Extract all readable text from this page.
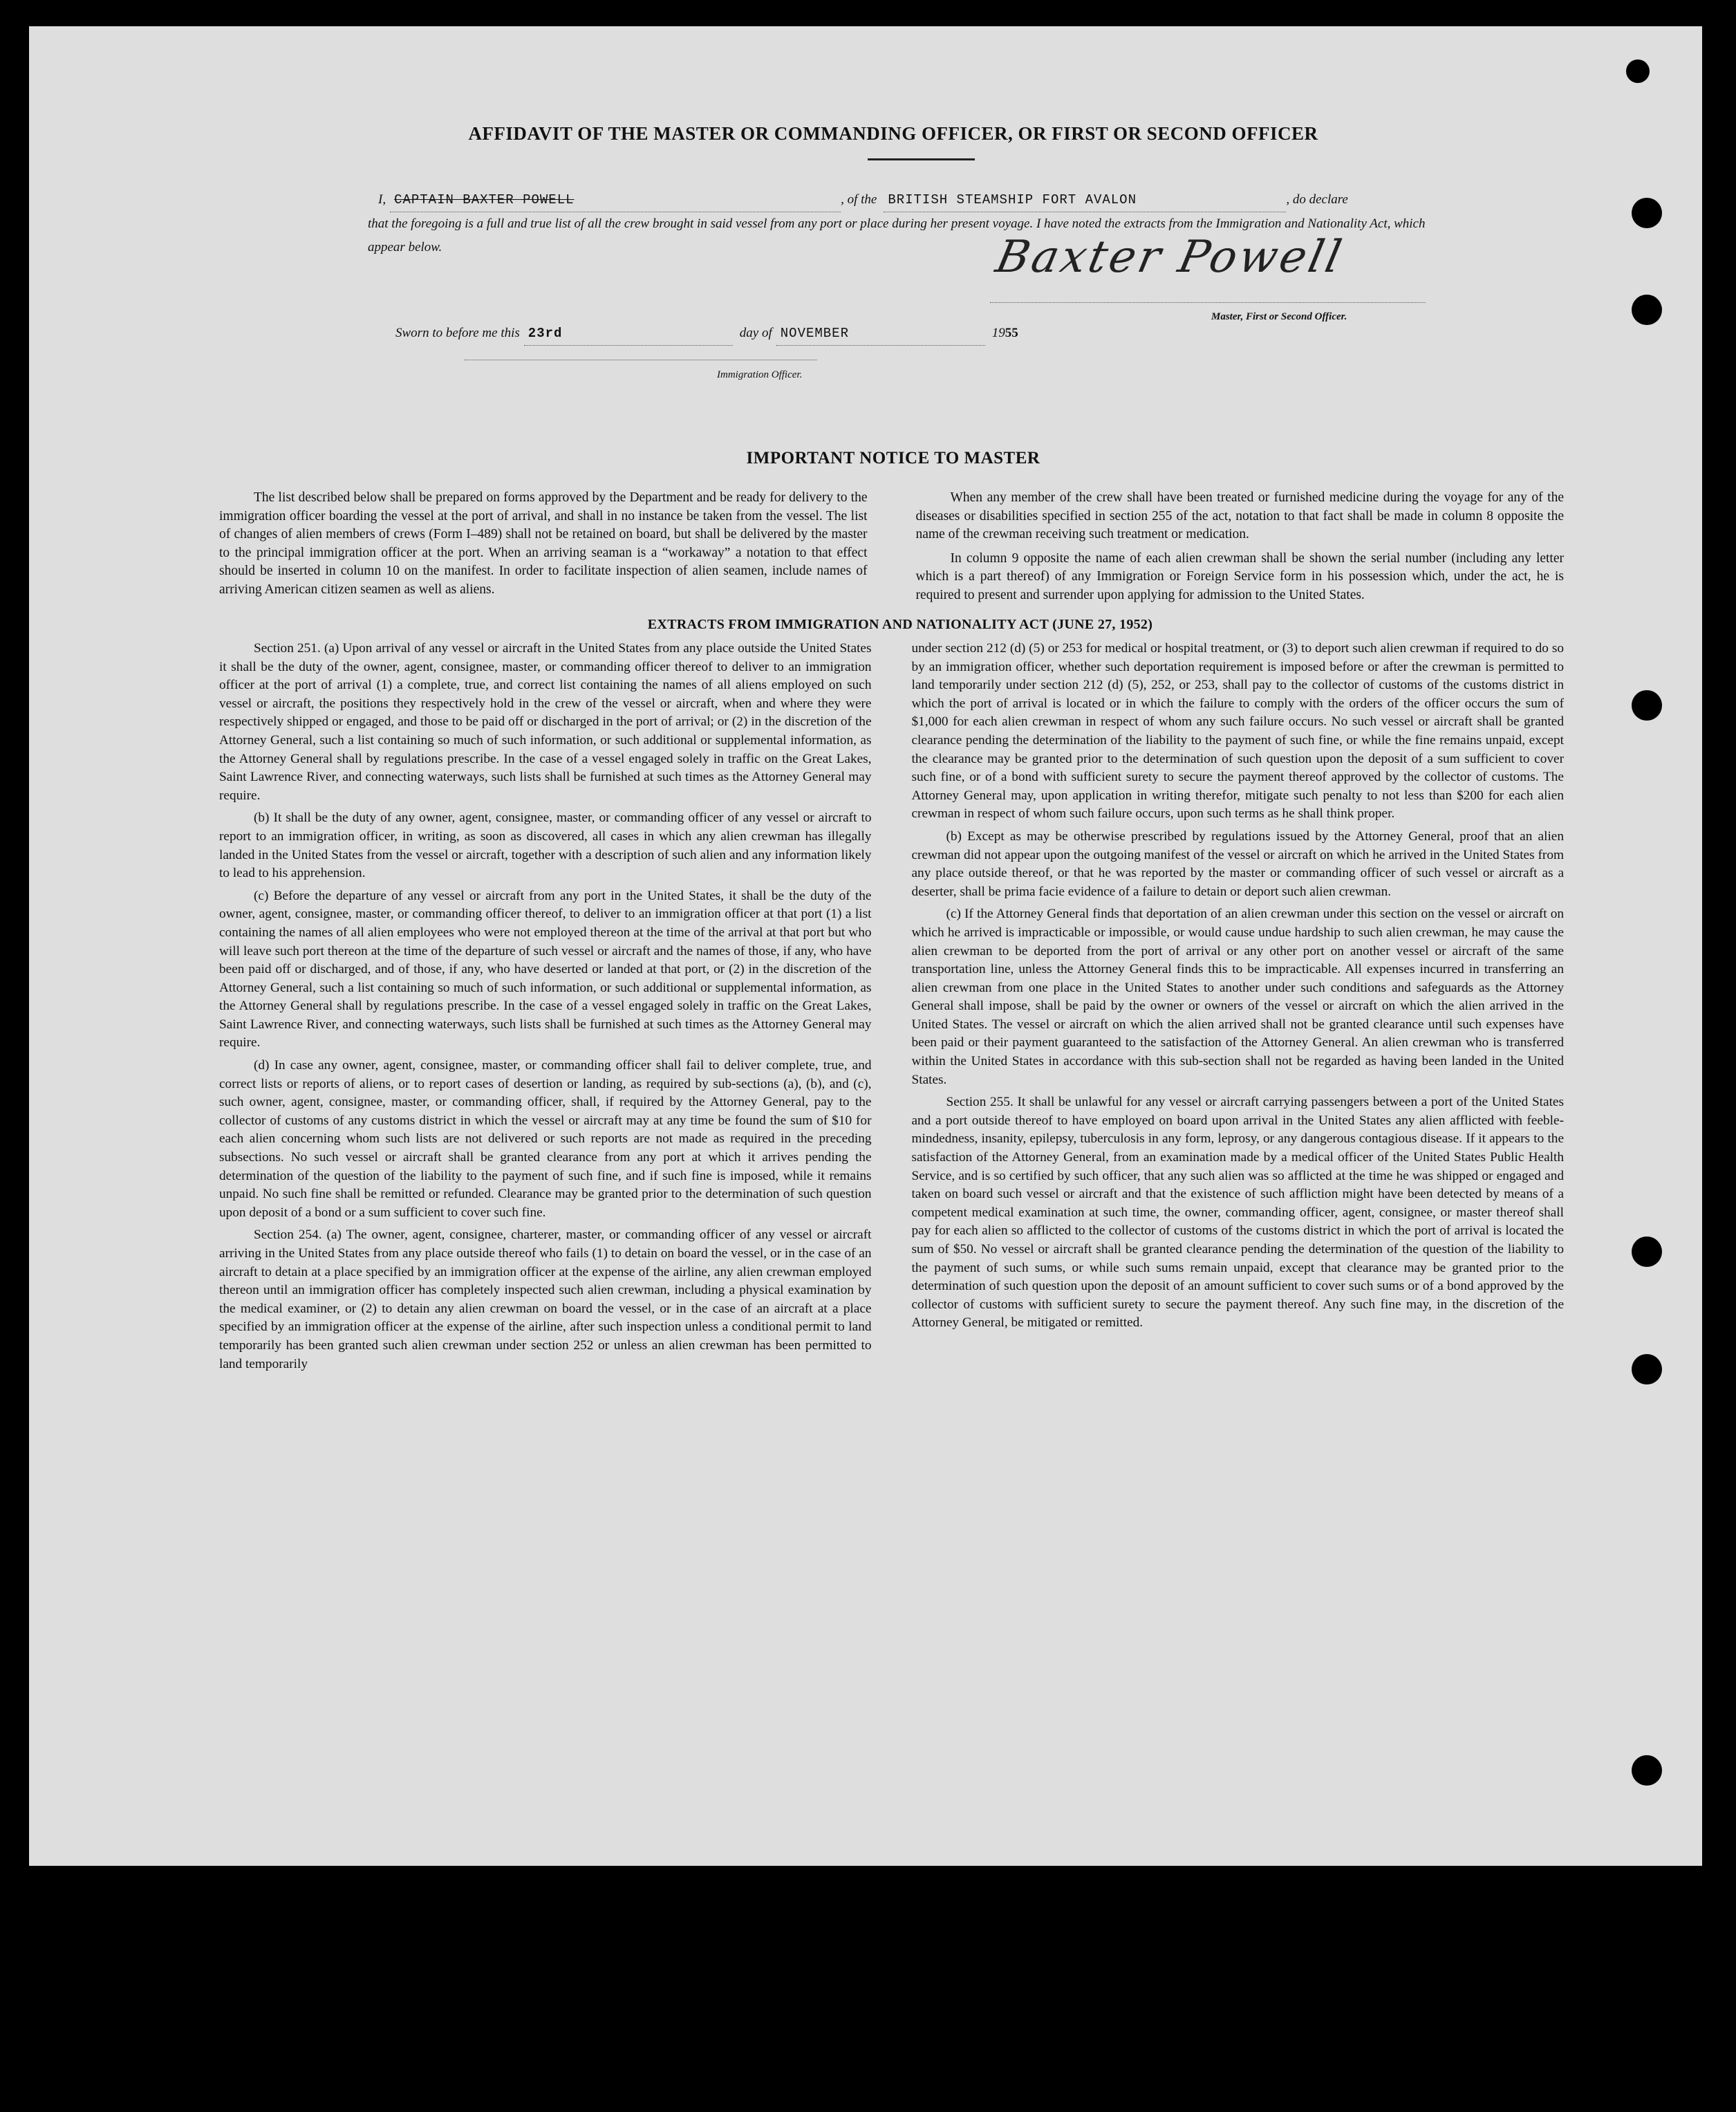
AFFIDAVIT OF THE MASTER OR COMMANDING OFFICER, OR FIRST OR SECOND OFFICER
I, CAPTAIN BAXTER POWELL	, of the BRITISH STEAMSHIP FORT AVALON	, do declare
that the foregoing is a full and true list of all the crew brought in said vessel from any port or place during her present voyage. I have noted the extracts from the Immigration and Nationality Act, which appear below.	Baxter Powell
Master, First or Second Officer.
Sworn to before me this 23rd	day of NOVEMBER	19 55
Immigration Officer.
IMPORTANT NOTICE TO MASTER

The list described below shall be prepared on forms approved by the Department and be ready for delivery to the immigration officer boarding the vessel at the port of arrival, and shall in no instance be taken from the vessel. The list of changes of alien members of crews (Form I–489) shall not be retained on board, but shall be delivered by the master to the principal immigration officer at the port. When an arriving seaman is a “workaway” a notation to that effect should be inserted in column 10 on the manifest. In order to facilitate inspection of alien seamen, include names of arriving American citizen seamen as well as aliens.

When any member of the crew shall have been treated or furnished medicine during the voyage for any of the diseases or disabilities specified in section 255 of the act, notation to that fact shall be made in column 8 opposite the name of the crewman receiving such treatment or medication.

In column 9 opposite the name of each alien crewman shall be shown the serial number (including any letter which is a part thereof) of any Immigration or Foreign Service form in his possession which, under the act, he is required to present and surrender upon applying for admission to the United States.

EXTRACTS FROM IMMIGRATION AND NATIONALITY ACT (JUNE 27, 1952)

Section 251. (a) Upon arrival of any vessel or aircraft in the United States from any place outside the United States it shall be the duty of the owner, agent, consignee, master, or commanding officer thereof to deliver to an immigration officer at the port of arrival (1) a complete, true, and correct list containing the names of all aliens employed on such vessel or aircraft, the positions they respectively hold in the crew of the vessel or aircraft, when and where they were respectively shipped or engaged, and those to be paid off or discharged in the port of arrival; or (2) in the discretion of the Attorney General, such a list containing so much of such information, or such additional or supplemental information, as the Attorney General shall by regulations prescribe. In the case of a vessel engaged solely in traffic on the Great Lakes, Saint Lawrence River, and connecting waterways, such lists shall be furnished at such times as the Attorney General may require.

(b) It shall be the duty of any owner, agent, consignee, master, or commanding officer of any vessel or aircraft to report to an immigration officer, in writing, as soon as discovered, all cases in which any alien crewman has illegally landed in the United States from the vessel or aircraft, together with a description of such alien and any information likely to lead to his apprehension.

(c) Before the departure of any vessel or aircraft from any port in the United States, it shall be the duty of the owner, agent, consignee, master, or commanding officer thereof, to deliver to an immigration officer at that port (1) a list containing the names of all alien employees who were not employed thereon at the time of the arrival at that port but who will leave such port thereon at the time of the departure of such vessel or aircraft and the names of those, if any, who have been paid off or discharged, and of those, if any, who have deserted or landed at that port, or (2) in the discretion of the Attorney General, such a list containing so much of such information, or such additional or supplemental information, as the Attorney General shall by regulations prescribe. In the case of a vessel engaged solely in traffic on the Great Lakes, Saint Lawrence River, and connecting waterways, such lists shall be furnished at such times as the Attorney General may require.

(d) In case any owner, agent, consignee, master, or commanding officer shall fail to deliver complete, true, and correct lists or reports of aliens, or to report cases of desertion or landing, as required by sub-sections (a), (b), and (c), such owner, agent, consignee, master, or commanding officer, shall, if required by the Attorney General, pay to the collector of customs of any customs district in which the vessel or aircraft may at any time be found the sum of $10 for each alien concerning whom such lists are not delivered or such reports are not made as required in the preceding subsections. No such vessel or aircraft shall be granted clearance from any port at which it arrives pending the determination of the question of the liability to the payment of such fine, and if such fine is imposed, while it remains unpaid. No such fine shall be remitted or refunded. Clearance may be granted prior to the determination of such question upon deposit of a bond or a sum sufficient to cover such fine.

Section 254. (a) The owner, agent, consignee, charterer, master, or commanding officer of any vessel or aircraft arriving in the United States from any place outside thereof who fails (1) to detain on board the vessel, or in the case of an aircraft to detain at a place specified by an immigration officer at the expense of the airline, any alien crewman employed thereon until an immigration officer has completely inspected such alien crewman, including a physical examination by the medical examiner, or (2) to detain any alien crewman on board the vessel, or in the case of an aircraft at a place specified by an immigration officer at the expense of the airline, after such inspection unless a conditional permit to land temporarily has been granted such alien crewman under section 252 or unless an alien crewman has been permitted to land temporarily

under section 212 (d) (5) or 253 for medical or hospital treatment, or (3) to deport such alien crewman if required to do so by an immigration officer, whether such deportation requirement is imposed before or after the crewman is permitted to land temporarily under section 212 (d) (5), 252, or 253, shall pay to the collector of customs of the customs district in which the port of arrival is located or in which the failure to comply with the orders of the officer occurs the sum of $1,000 for each alien crewman in respect of whom any such failure occurs. No such vessel or aircraft shall be granted clearance pending the determination of the liability to the payment of such fine, or while the fine remains unpaid, except the clearance may be granted prior to the determination of such question upon the deposit of a sum sufficient to cover such fine, or of a bond with sufficient surety to secure the payment thereof approved by the collector of customs. The Attorney General may, upon application in writing therefor, mitigate such penalty to not less than $200 for each alien crewman in respect of whom such failure occurs, upon such terms as he shall think proper.

(b) Except as may be otherwise prescribed by regulations issued by the Attorney General, proof that an alien crewman did not appear upon the outgoing manifest of the vessel or aircraft on which he arrived in the United States from any place outside thereof, or that he was reported by the master or commanding officer of such vessel or aircraft as a deserter, shall be prima facie evidence of a failure to detain or deport such alien crewman.

(c) If the Attorney General finds that deportation of an alien crewman under this section on the vessel or aircraft on which he arrived is impracticable or impossible, or would cause undue hardship to such alien crewman, he may cause the alien crewman to be deported from the port of arrival or any other port on another vessel or aircraft of the same transportation line, unless the Attorney General finds this to be impracticable. All expenses incurred in transferring an alien crewman from one place in the United States to another under such conditions and safeguards as the Attorney General shall impose, shall be paid by the owner or owners of the vessel or aircraft on which the alien arrived in the United States. The vessel or aircraft on which the alien arrived shall not be granted clearance until such expenses have been paid or their payment guaranteed to the satisfaction of the Attorney General. An alien crewman who is transferred within the United States in accordance with this sub-section shall not be regarded as having been landed in the United States.

Section 255. It shall be unlawful for any vessel or aircraft carrying passengers between a port of the United States and a port outside thereof to have employed on board upon arrival in the United States any alien afflicted with feeble-mindedness, insanity, epilepsy, tuberculosis in any form, leprosy, or any dangerous contagious disease. If it appears to the satisfaction of the Attorney General, from an examination made by a medical officer of the United States Public Health Service, and is so certified by such officer, that any such alien was so afflicted at the time he was shipped or engaged and taken on board such vessel or aircraft and that the existence of such affliction might have been detected by means of a competent medical examination at such time, the owner, commanding officer, agent, consignee, or master thereof shall pay for each alien so afflicted to the collector of customs of the customs district in which the port of arrival is located the sum of $50. No vessel or aircraft shall be granted clearance pending the determination of the question of the liability to the payment of such sums, or while such sums remain unpaid, except that clearance may be granted prior to the determination of such question upon the deposit of an amount sufficient to cover such sums or of a bond approved by the collector of customs with sufficient surety to secure the payment thereof. Any such fine may, in the discretion of the Attorney General, be mitigated or remitted.
